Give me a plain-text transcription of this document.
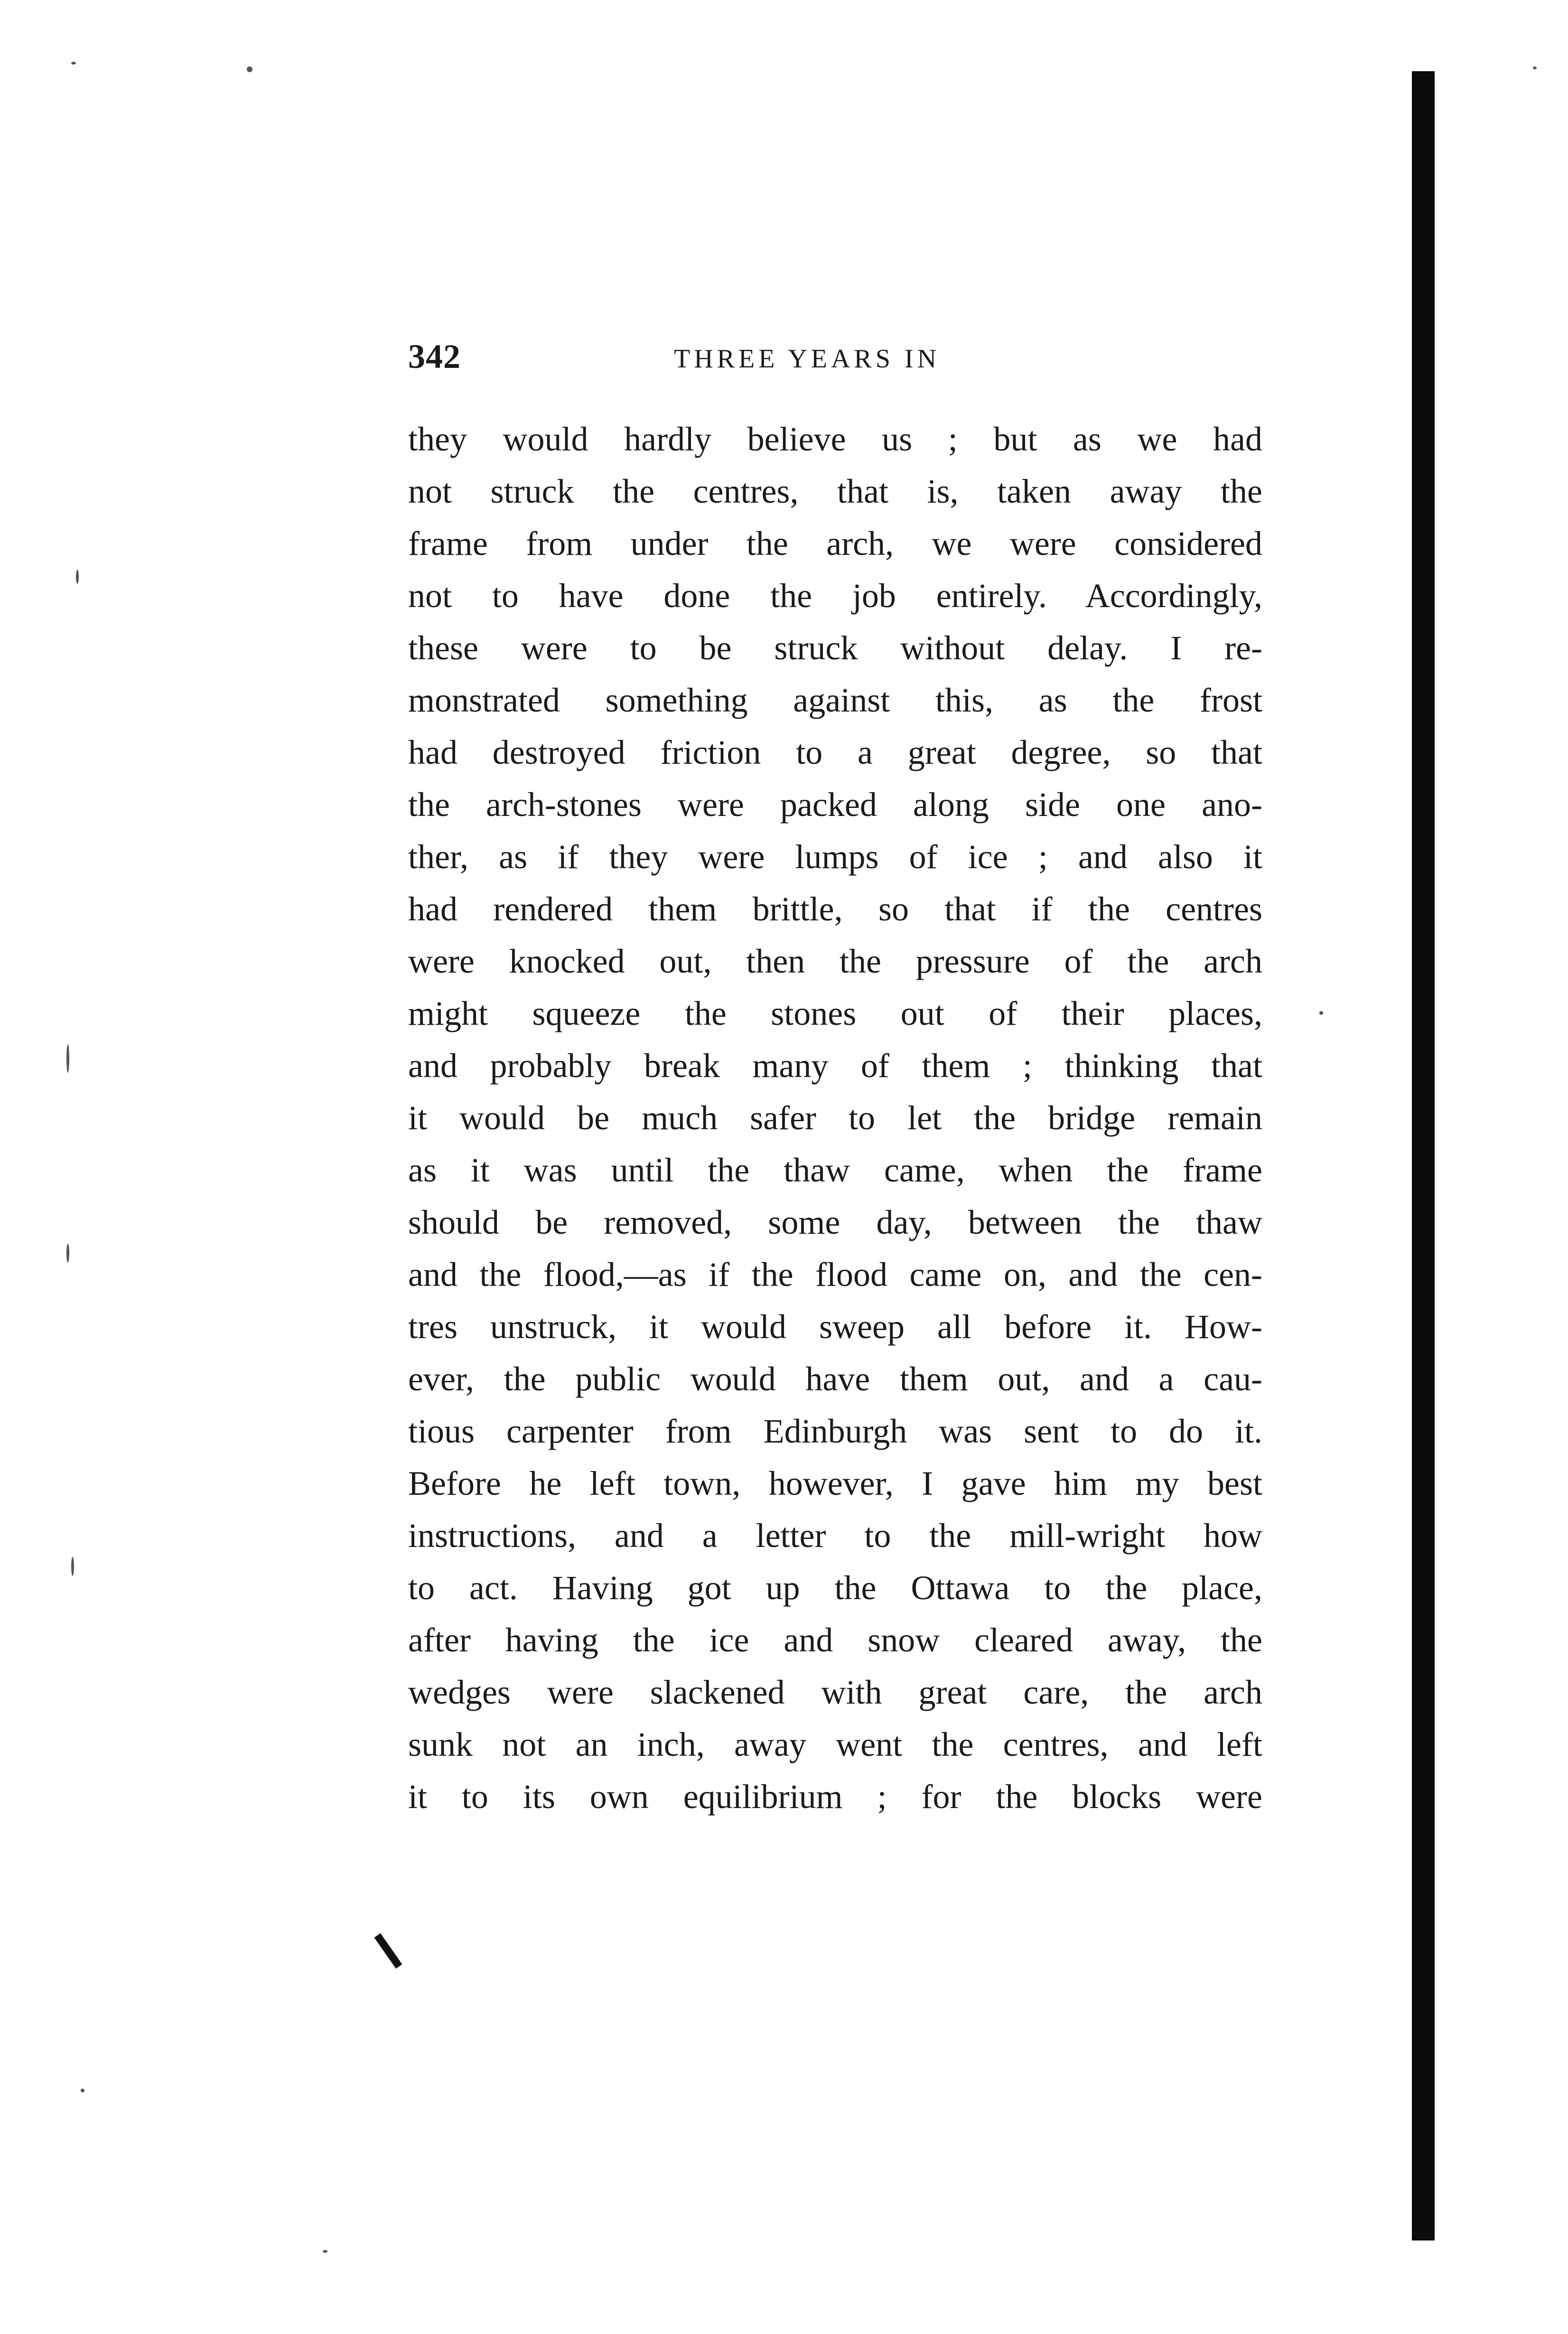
342	THREE YEARS IN
they would hardly believe us ; but as we had
not struck the centres, that is, taken away the
frame from under the arch, we were considered
not to have done the job entirely. Accordingly,
these were to be struck without delay. I re-
monstrated something against this, as the frost
had destroyed friction to a great degree, so that
the arch-stones were packed along side one ano-
ther, as if they were lumps of ice ; and also it
had rendered them brittle, so that if the centres
were knocked out, then the pressure of the arch
might squeeze the stones out of their places,
and probably break many of them ; thinking that
it would be much safer to let the bridge remain
as it was until the thaw came, when the frame
should be removed, some day, between the thaw
and the flood,—as if the flood came on, and the cen-
tres unstruck, it would sweep all before it. How-
ever, the public would have them out, and a cau-
tious carpenter from Edinburgh was sent to do it.
Before he left town, however, I gave him my best
instructions, and a letter to the mill-wright how
to act. Having got up the Ottawa to the place,
after having the ice and snow cleared away, the
wedges were slackened with great care, the arch
sunk not an inch, away went the centres, and left
it to its own equilibrium ; for the blocks were
